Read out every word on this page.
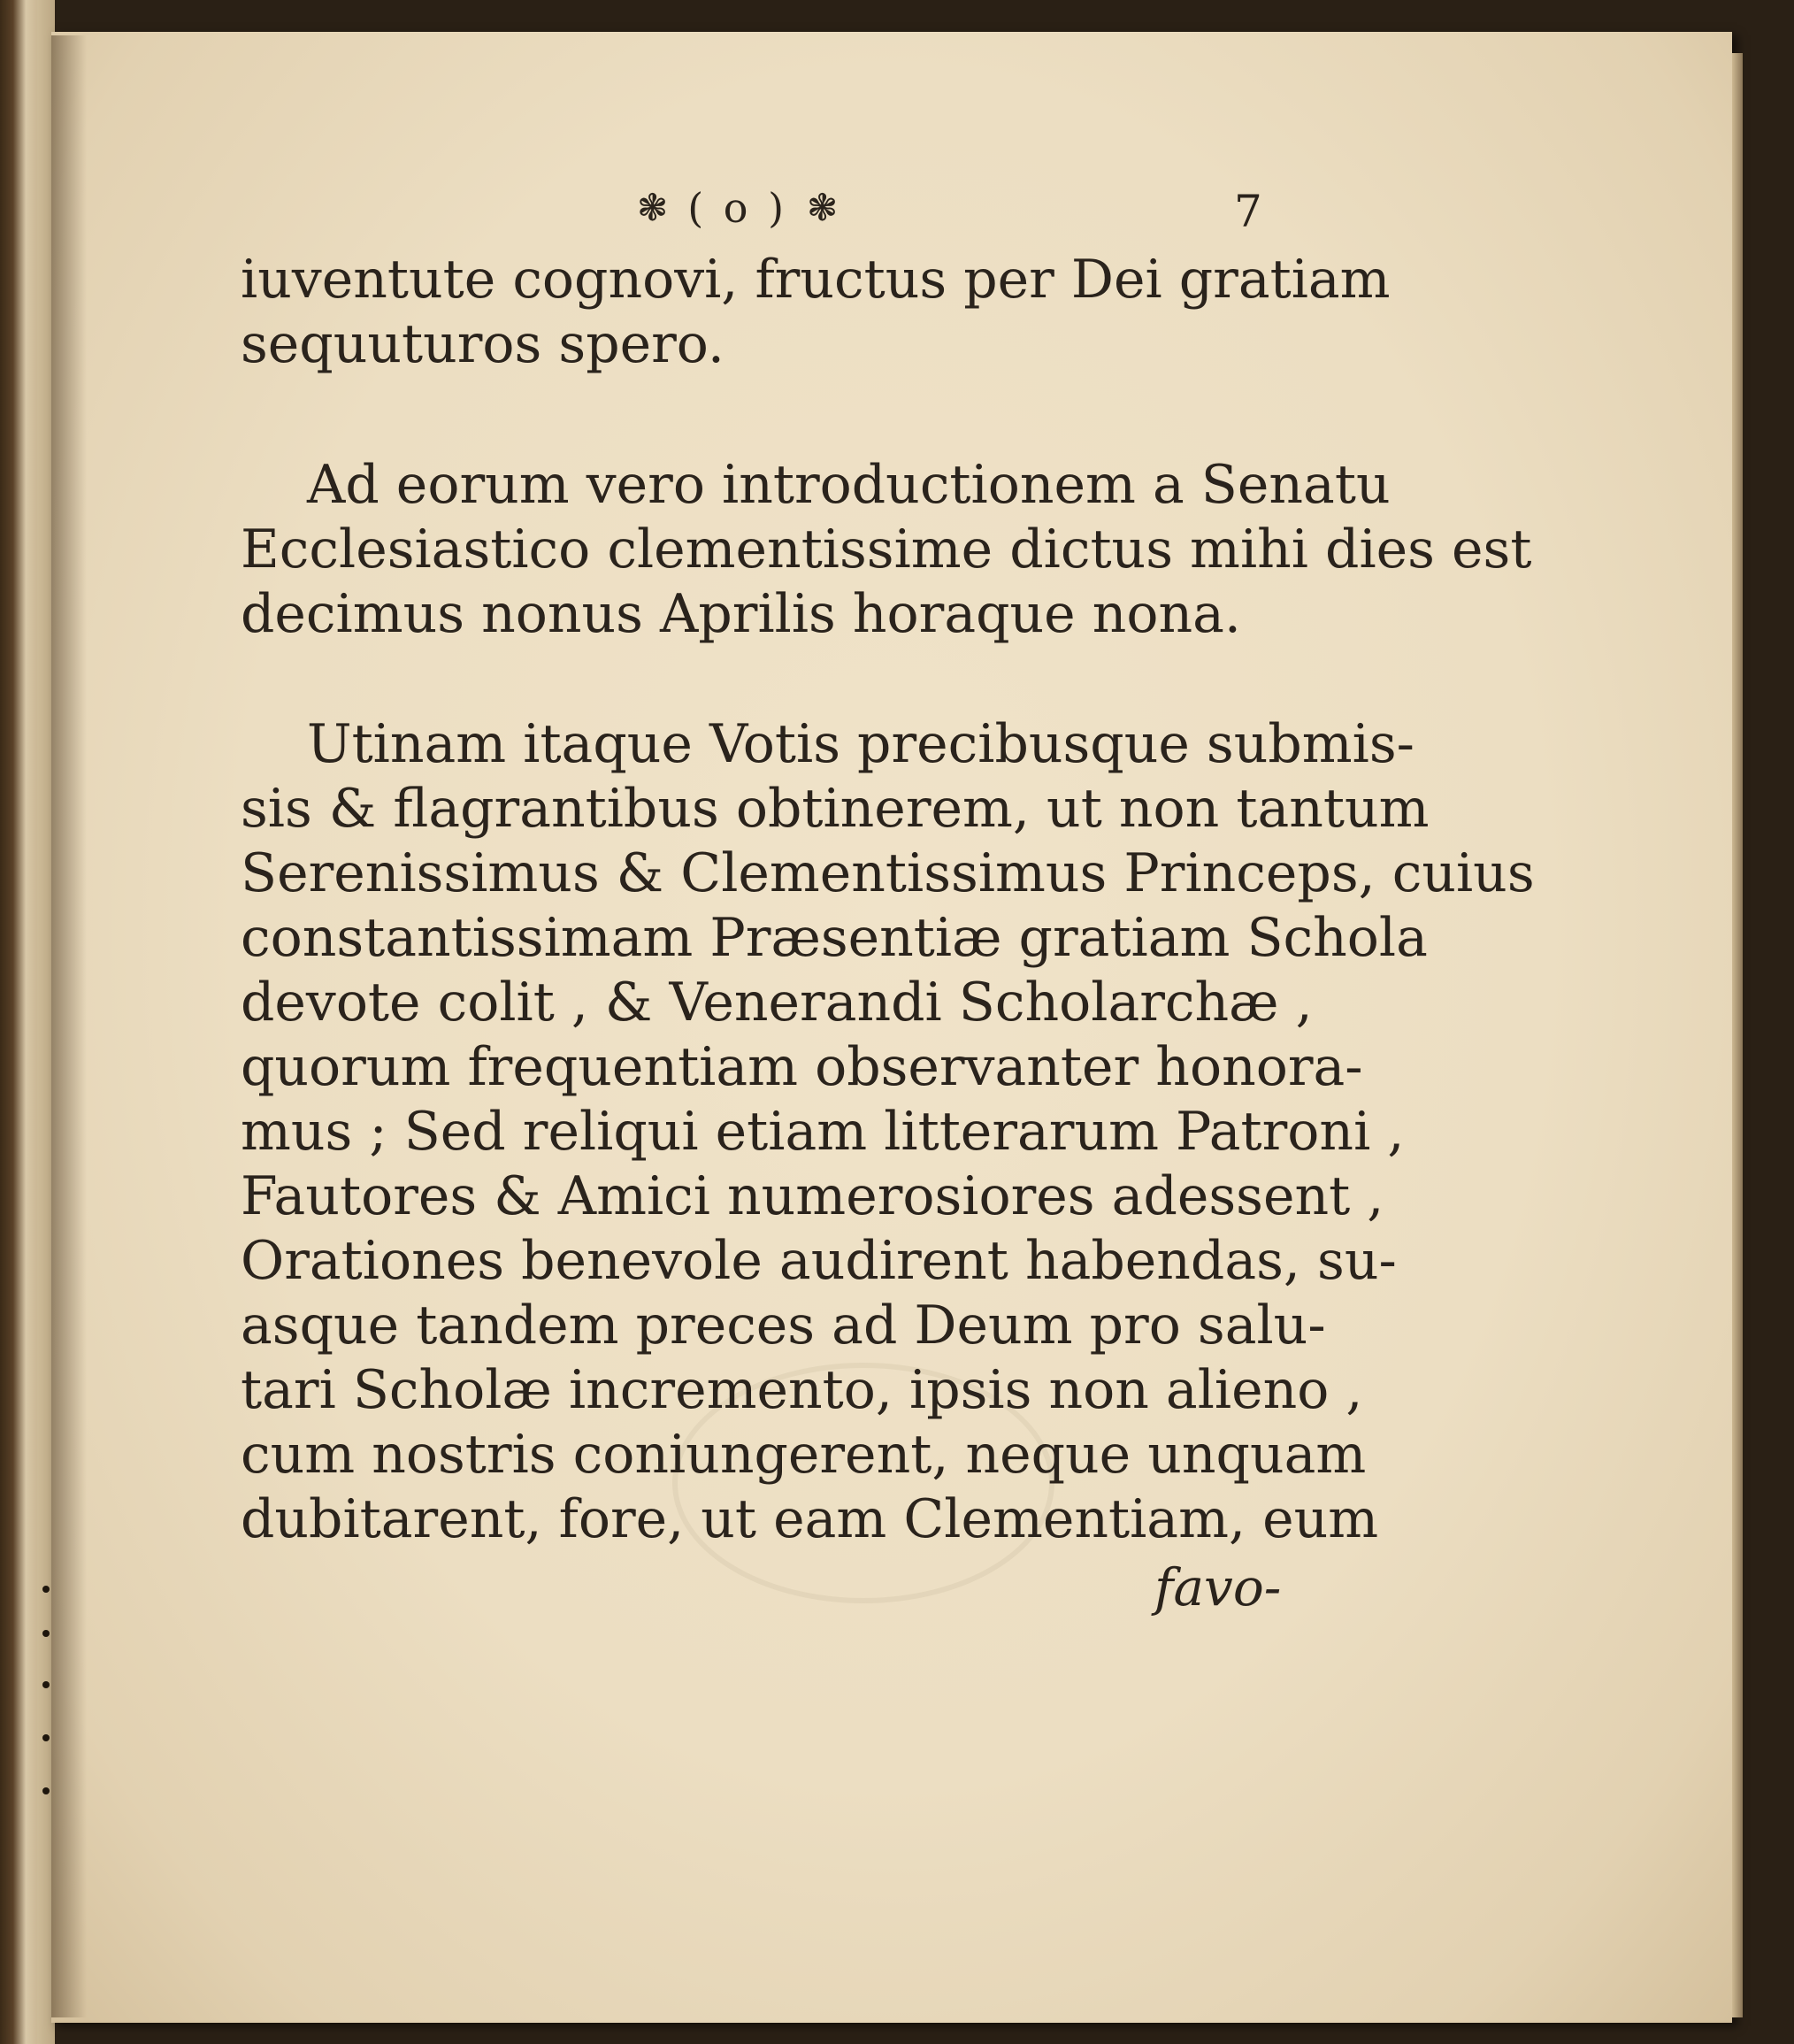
❃ ( o ) ❃	7
iuventute cognovi, fructus per Dei gratiam
sequuturos spero.
Ad eorum vero introductionem a Senatu
Ecclesiastico clementissime dictus mihi dies est
decimus nonus Aprilis horaque nona.
Utinam itaque Votis precibusque submis-
sis & flagrantibus obtinerem, ut non tantum
Serenissimus & Clementissimus Princeps, cuius
constantissimam Præsentiæ gratiam Schola
devote colit , & Venerandi Scholarchæ ,
quorum frequentiam observanter honora-
mus ; Sed reliqui etiam litterarum Patroni ,
Fautores & Amici numerosiores adessent ,
Orationes benevole audirent habendas, su-
asque tandem preces ad Deum pro salu-
tari Scholæ incremento, ipsis non alieno ,
cum nostris coniungerent, neque unquam
dubitarent, fore, ut eam Clementiam, eum
favo-
